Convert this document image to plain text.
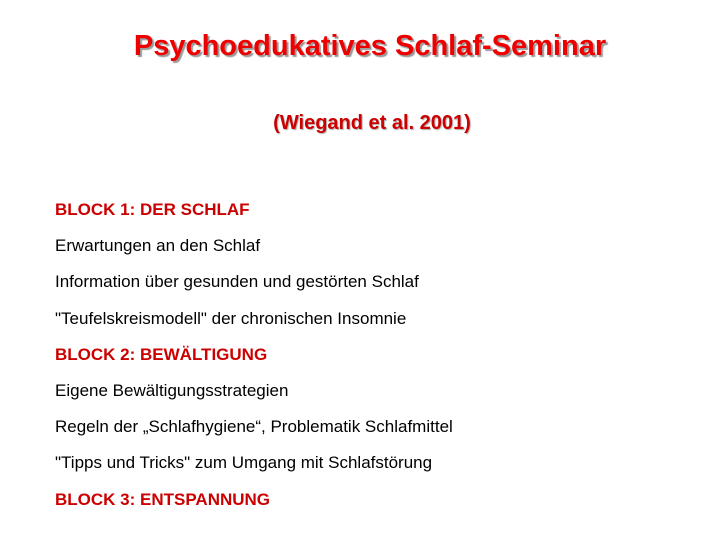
Psychoedukatives Schlaf-Seminar
(Wiegand et al. 2001)
BLOCK 1: DER SCHLAF
Erwartungen an den Schlaf
Information über gesunden und gestörten Schlaf
"Teufelskreismodell" der chronischen Insomnie
BLOCK 2: BEWÄLTIGUNG
Eigene Bewältigungsstrategien
Regeln der „Schlafhygiene“, Problematik Schlafmittel
"Tipps und Tricks" zum Umgang mit Schlafstörung
BLOCK 3: ENTSPANNUNG
